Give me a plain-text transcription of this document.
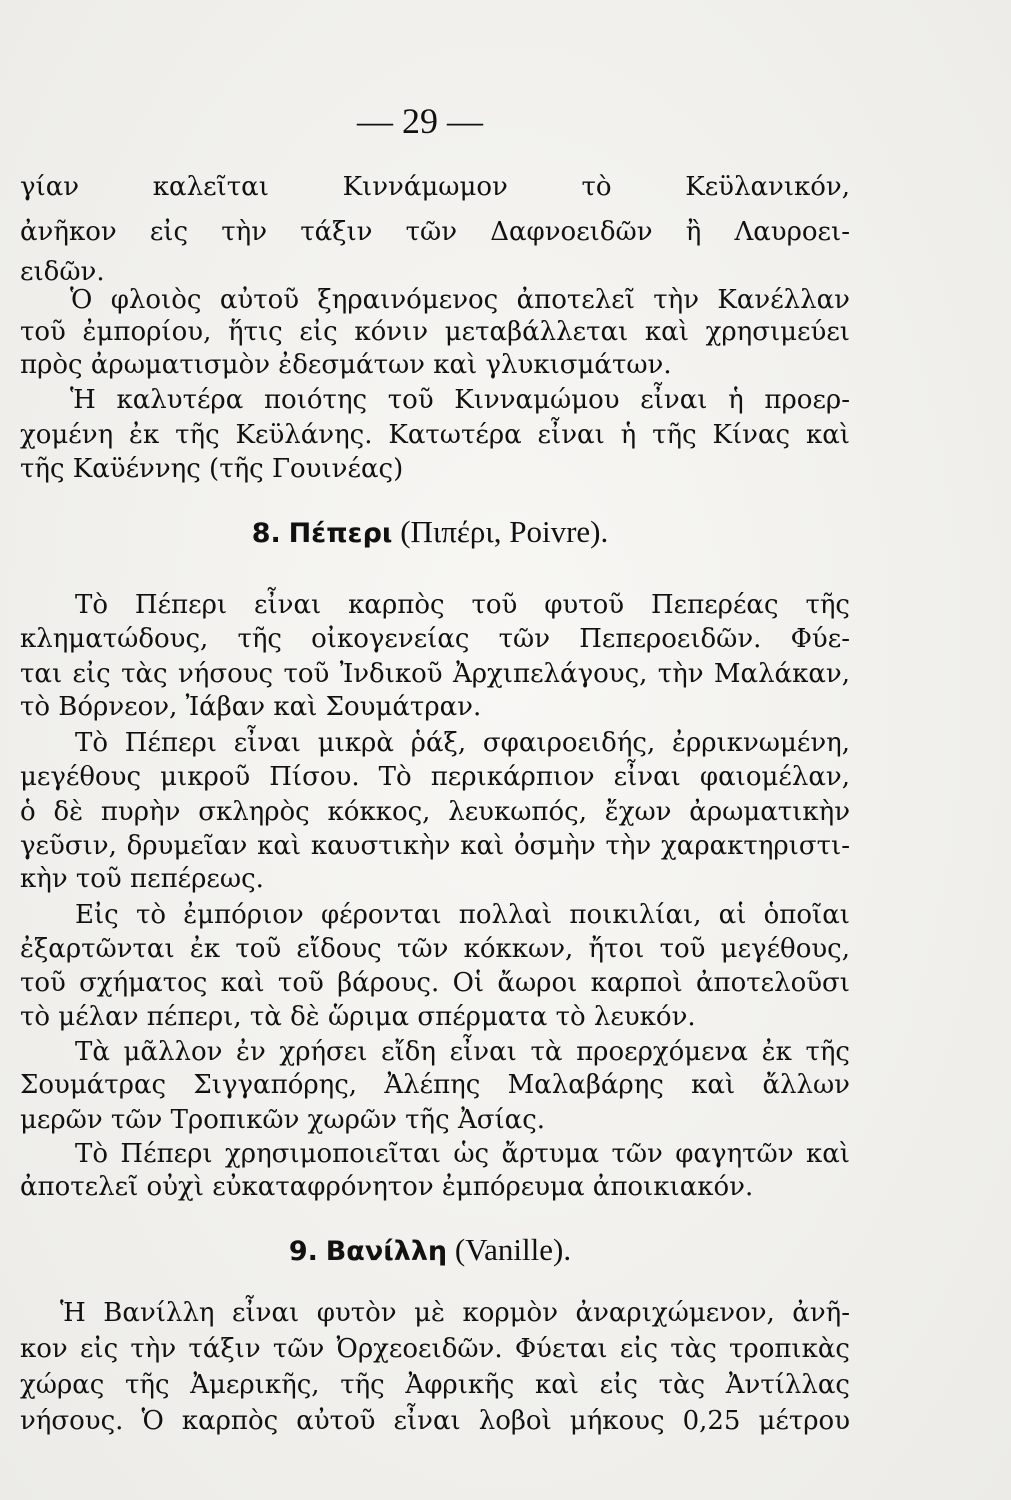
— 29 —
γίαν καλεῖται Κιννάμωμον τὸ Κεϋλανικόν,
ἀνῆκον εἰς τὴν τάξιν τῶν Δαφνοειδῶν ἢ Λαυροει-
ειδῶν.
Ὁ φλοιὸς αὐτοῦ ξηραινόμενος ἀποτελεῖ τὴν Κανέλλαν
τοῦ ἐμπορίου, ἥτις εἰς κόνιν μεταβάλλεται καὶ χρησιμεύει
πρὸς ἀρωματισμὸν ἐδεσμάτων καὶ γλυκισμάτων.
Ἡ καλυτέρα ποιότης τοῦ Κινναμώμου εἶναι ἡ προερ-
χομένη ἐκ τῆς Κεϋλάνης. Κατωτέρα εἶναι ἡ τῆς Κίνας καὶ
τῆς Καϋέννης (τῆς Γουινέας)
8. Πέπερι (Πιπέρι, Poivre).
Τὸ Πέπερι εἶναι καρπὸς τοῦ φυτοῦ Πεπερέας τῆς
κληματώδους, τῆς οἰκογενείας τῶν Πεπεροειδῶν. Φύε-
ται εἰς τὰς νήσους τοῦ Ἰνδικοῦ Ἀρχιπελάγους, τὴν Μαλάκαν,
τὸ Βόρνεον, Ἰάβαν καὶ Σουμάτραν.
Τὸ Πέπερι εἶναι μικρὰ ῥάξ, σφαιροειδής, ἐρρικνωμένη,
μεγέθους μικροῦ Πίσου. Τὸ περικάρπιον εἶναι φαιομέλαν,
ὁ δὲ πυρὴν σκληρὸς κόκκος, λευκωπός, ἔχων ἀρωματικὴν
γεῦσιν, δρυμεῖαν καὶ καυστικὴν καὶ ὀσμὴν τὴν χαρακτηριστι-
κὴν τοῦ πεπέρεως.
Εἰς τὸ ἐμπόριον φέρονται πολλαὶ ποικιλίαι, αἱ ὁποῖαι
ἐξαρτῶνται ἐκ τοῦ εἴδους τῶν κόκκων, ἤτοι τοῦ μεγέθους,
τοῦ σχήματος καὶ τοῦ βάρους. Οἱ ἄωροι καρποὶ ἀποτελοῦσι
τὸ μέλαν πέπερι, τὰ δὲ ὥριμα σπέρματα τὸ λευκόν.
Τὰ μᾶλλον ἐν χρήσει εἴδη εἶναι τὰ προερχόμενα ἐκ τῆς
Σουμάτρας Σιγγαπόρης, Ἀλέπης Μαλαβάρης καὶ ἄλλων
μερῶν τῶν Τροπικῶν χωρῶν τῆς Ἀσίας.
Τὸ Πέπερι χρησιμοποιεῖται ὡς ἄρτυμα τῶν φαγητῶν καὶ
ἀποτελεῖ οὐχὶ εὐκαταφρόνητον ἐμπόρευμα ἀποικιακόν.
9. Βανίλλη (Vanille).
Ἡ Βανίλλη εἶναι φυτὸν μὲ κορμὸν ἀναριχώμενον, ἀνῆ-
κον εἰς τὴν τάξιν τῶν Ὀρχεοειδῶν. Φύεται εἰς τὰς τροπικὰς
χώρας τῆς Ἀμερικῆς, τῆς Ἀφρικῆς καὶ εἰς τὰς Ἀντίλλας
νήσους. Ὁ καρπὸς αὐτοῦ εἶναι λοβοὶ μήκους 0,25 μέτρου
